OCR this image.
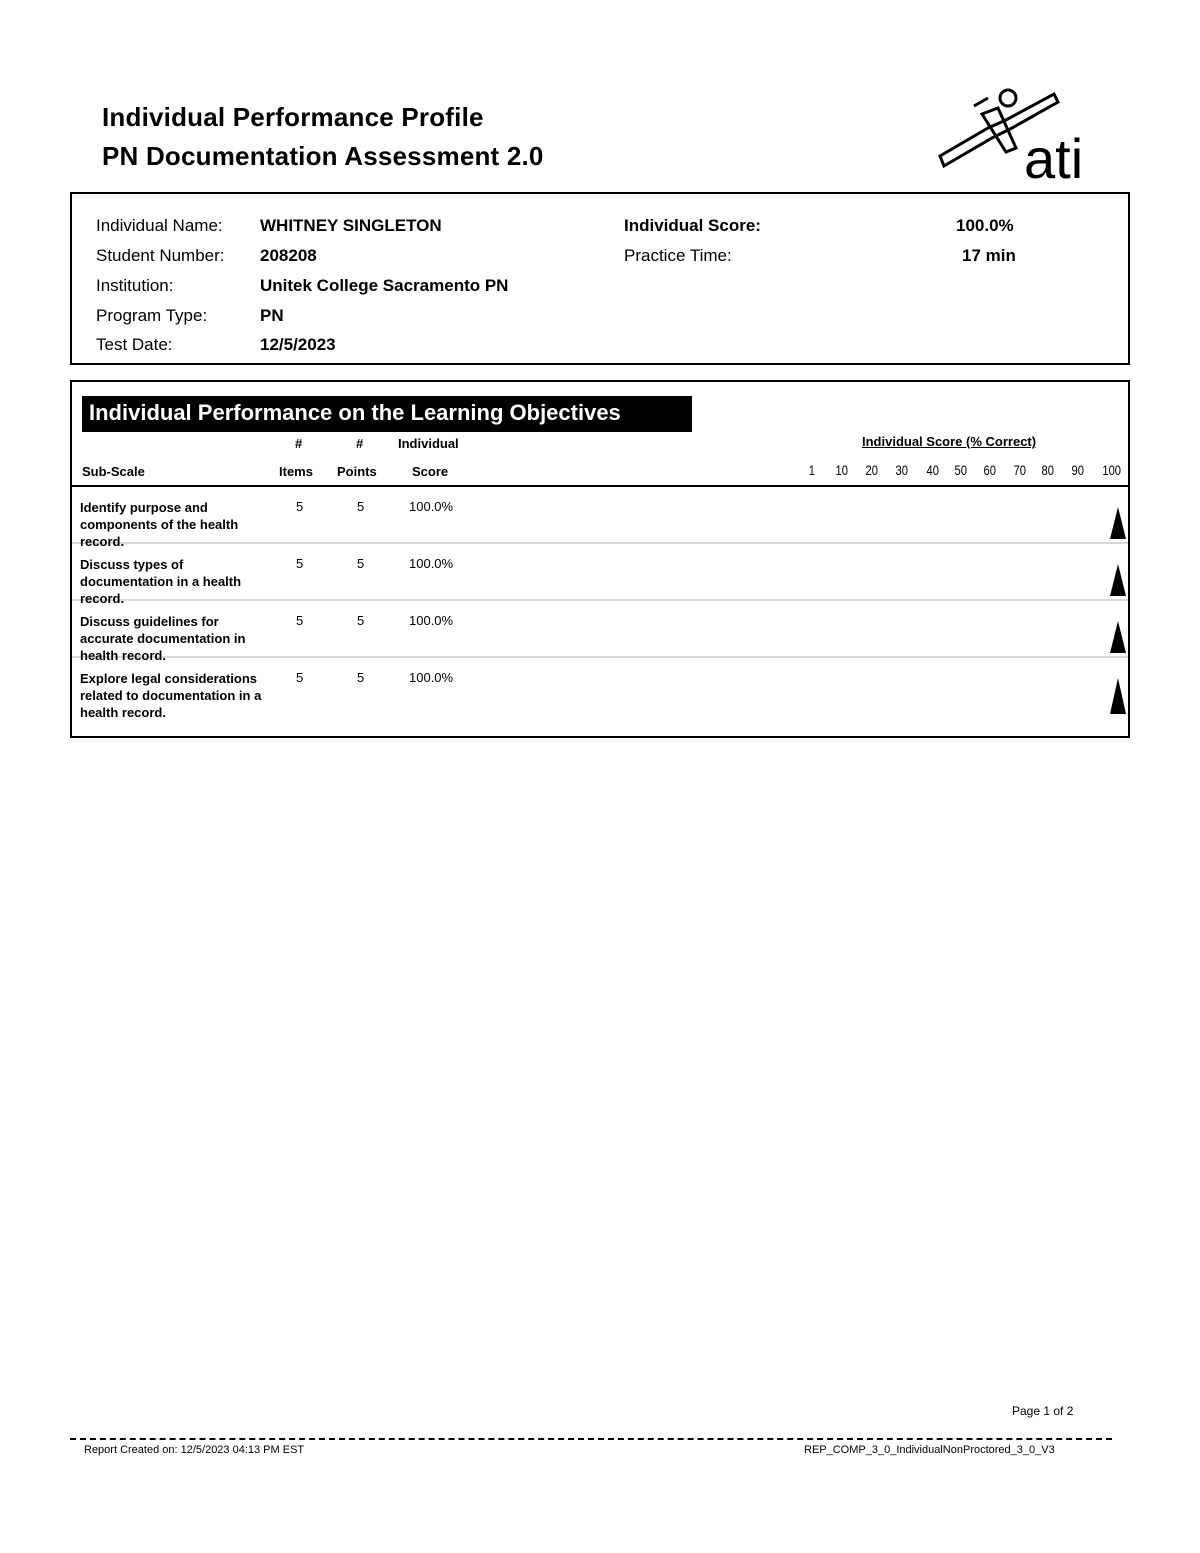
Individual Performance Profile
PN Documentation Assessment 2.0	ati
Individual Name: WHITNEY SINGLETON	Individual Score:	100.0%
Student Number: 208208	Practice Time:	17 min
Institution:	Unitek College Sacramento PN
Program Type:	PN
Test Date:	12/5/2023
Individual Performance on the Learning Objectives
#	#	Individual	Individual Score (% Correct)
Sub-Scale	Items Points	Score	1 10 20 30 40 50 60 70 80 90 100
Identify purpose and components of the health record.
5	5	100.0%
Discuss types of documentation in a health record.
5	5	100.0%
Discuss guidelines for accurate documentation in health record.
5	5	100.0%
Explore legal considerations related to documentation in a health record.
5	5	100.0%
Page 1 of 2
Report Created on: 12/5/2023 04:13 PM EST	REP_COMP_3_0_IndividualNonProctored_3_0_V3
